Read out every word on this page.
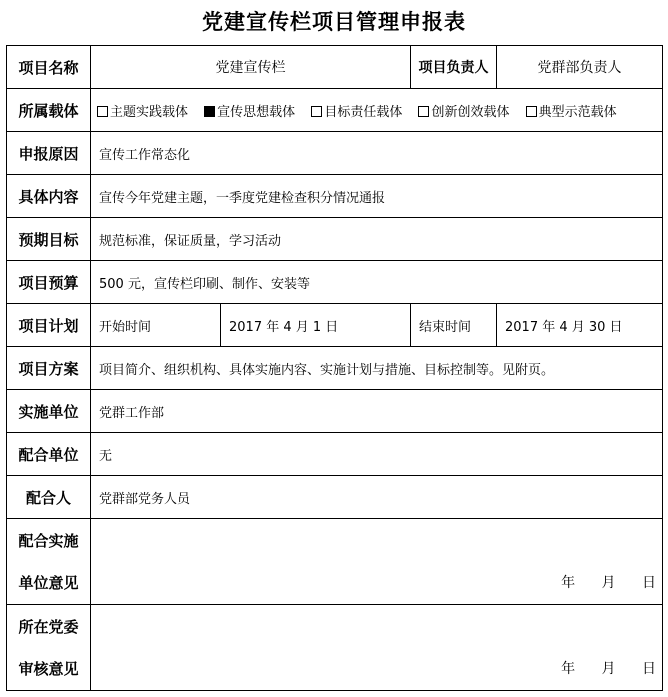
党建宣传栏项目管理申报表
项目名称	党建宣传栏		项目负责人	党群部负责人
所属载体	主题实践载体 宣传思想载体 目标责任载体 创新创效载体 典型示范载体			
申报原因	宣传工作常态化			
具体内容	宣传今年党建主题，一季度党建检查积分情况通报			
预期目标	规范标准，保证质量，学习活动			
项目预算	500 元，宣传栏印刷、制作、安装等			
项目计划	开始时间	2017 年 4 月 1 日	结束时间	2017 年 4 月 30 日
项目方案	项目简介、组织机构、具体实施内容、实施计划与措施、目标控制等。见附页。			
实施单位	党群工作部			
配合单位	无			
配合人	党群部党务人员			

配合实施
单位意见	年 月 日			

所在党委
审核意见	年 月 日			
